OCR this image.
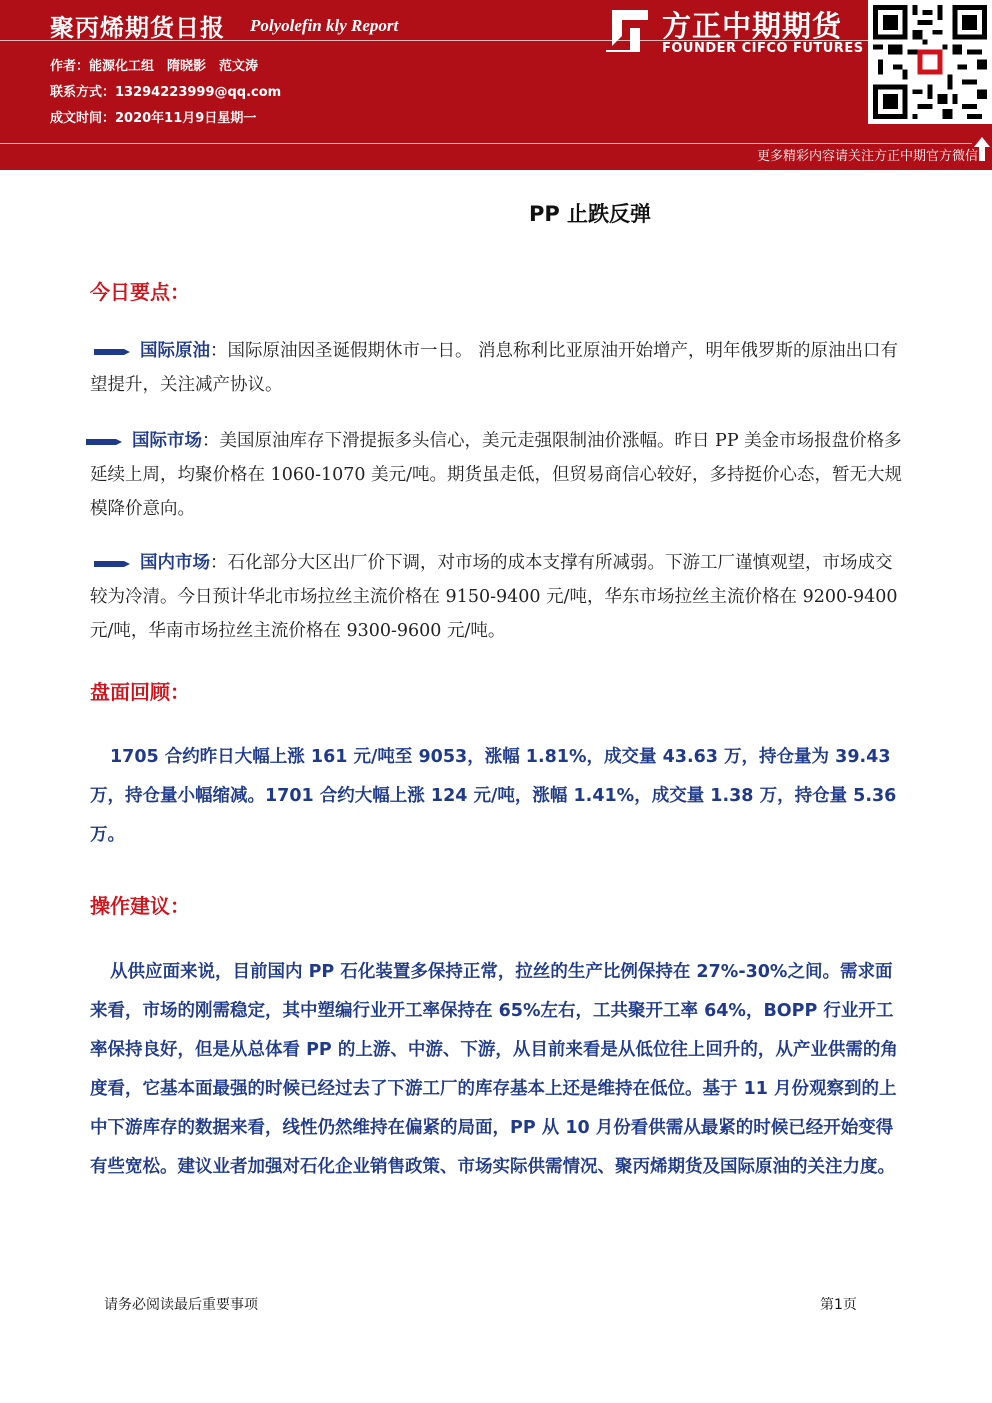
聚丙烯期货日报 Polyolefin kly Report
作者：能源化工组　隋晓影　范文涛
联系方式：13294223999@qq.com
成文时间：2020年11月9日星期一
方正中期期货
FOUNDER CIFCO FUTURES
更多精彩内容请关注方正中期官方微信
PP 止跌反弹
今日要点：
国际原油：国际原油因圣诞假期休市一日。 消息称利比亚原油开始增产，明年俄罗斯的原油出口有望提升，关注减产协议。
国际市场：美国原油库存下滑提振多头信心，美元走强限制油价涨幅。昨日 PP 美金市场报盘价格多延续上周，均聚价格在 1060-1070 美元/吨。期货虽走低，但贸易商信心较好，多持挺价心态，暂无大规模降价意向。
国内市场：石化部分大区出厂价下调，对市场的成本支撑有所减弱。下游工厂谨慎观望，市场成交较为冷清。今日预计华北市场拉丝主流价格在 9150-9400 元/吨，华东市场拉丝主流价格在 9200-9400 元/吨，华南市场拉丝主流价格在 9300-9600 元/吨。
盘面回顾：
1705 合约昨日大幅上涨 161 元/吨至 9053，涨幅 1.81%，成交量 43.63 万，持仓量为 39.43 万，持仓量小幅缩减。1701 合约大幅上涨 124 元/吨，涨幅 1.41%，成交量 1.38 万，持仓量 5.36 万。
操作建议：
从供应面来说，目前国内 PP 石化装置多保持正常，拉丝的生产比例保持在 27%-30%之间。需求面来看，市场的刚需稳定，其中塑编行业开工率保持在 65%左右，工共聚开工率 64%，BOPP 行业开工率保持良好，但是从总体看 PP 的上游、中游、下游，从目前来看是从低位往上回升的，从产业供需的角度看，它基本面最强的时候已经过去了下游工厂的库存基本上还是维持在低位。基于 11 月份观察到的上中下游库存的数据来看，线性仍然维持在偏紧的局面，PP 从 10 月份看供需从最紧的时候已经开始变得有些宽松。建议业者加强对石化企业销售政策、市场实际供需情况、聚丙烯期货及国际原油的关注力度。
请务必阅读最后重要事项	第1页
